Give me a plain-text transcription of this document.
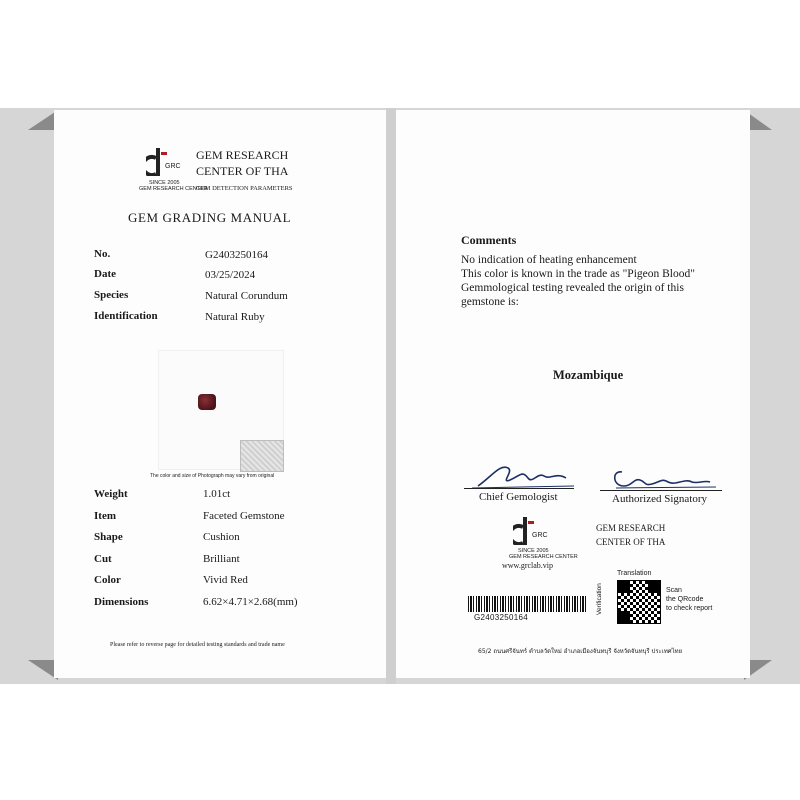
GRC
SINCE 2005
GEM RESEARCH CENTER
GEM RESEARCH
CENTER OF THA
GEM DETECTION PARAMETERS
GEM GRADING MANUAL
No.	G2403250164
Date	03/25/2024
Species	Natural Corundum
Identification	Natural Ruby
The color and size of Photograph may vary from original
Weight	1.01ct
Item	Faceted Gemstone
Shape	Cushion
Cut	Brilliant
Color	Vivid Red
Dimensions	6.62×4.71×2.68(mm)
Please refer to reverse page for detailed testing standards and trade name
Comments
No indication of heating enhancement
This color is known in the trade as "Pigeon Blood"
Gemmological testing revealed the origin of this
gemstone is:
Mozambique
Chief Gemologist	Authorized Signatory
GRC
SINCE 2005
GEM RESEARCH CENTER
www.grclab.vip
GEM RESEARCH
CENTER OF THA
G2403250164
Translation
Verification	Scan
the QRcode
to check report
65/2 ถนนศรีจันทร์ ตำบลวัดใหม่ อำเภอเมืองจันทบุรี จังหวัดจันทบุรี ประเทศไทย
